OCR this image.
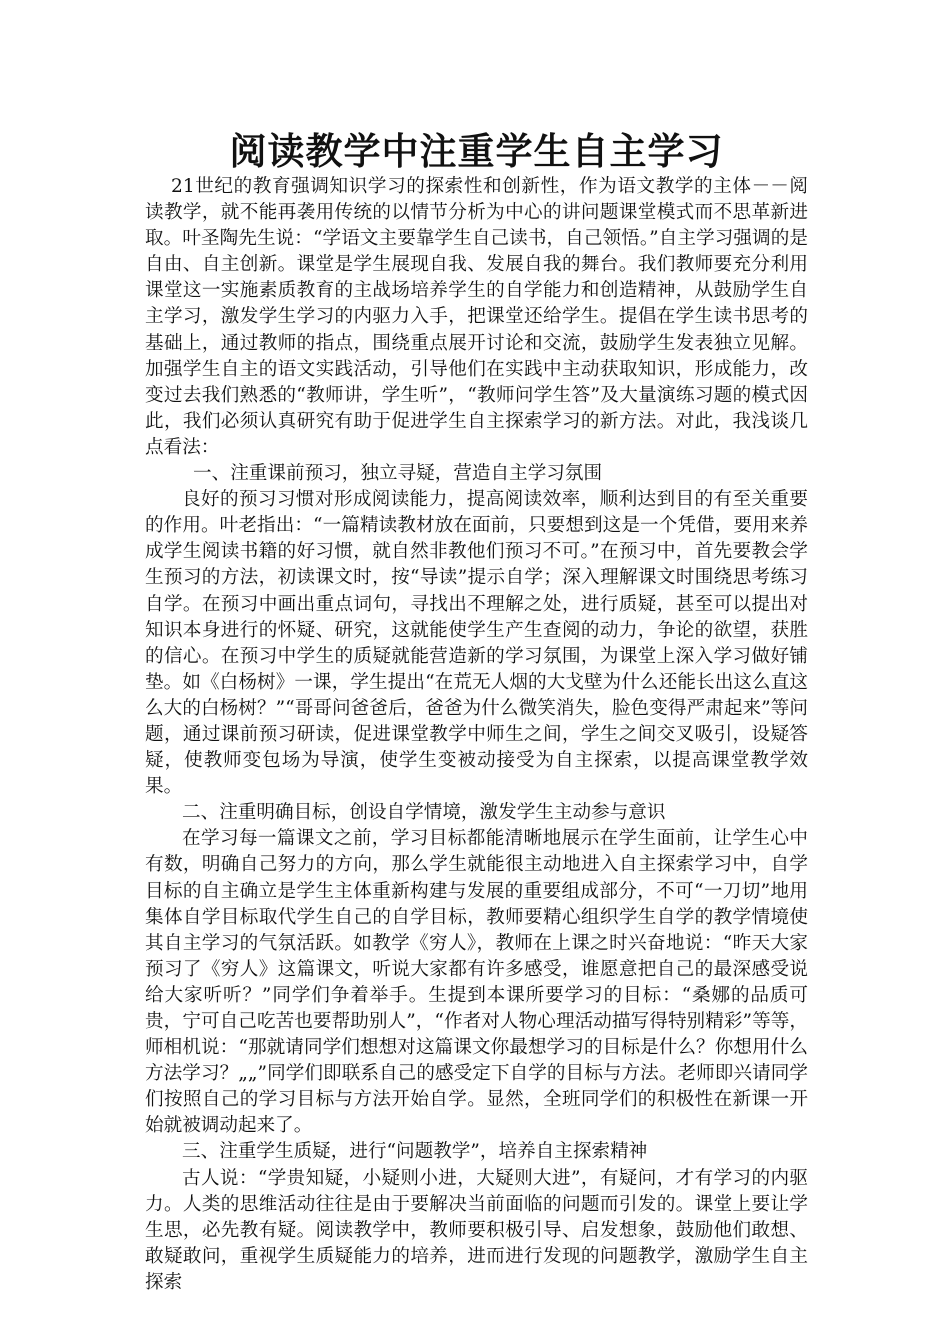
阅读教学中注重学生自主学习

21世纪的教育强调知识学习的探索性和创新性，作为语文教学的主体－－阅读教学，就不能再袭用传统的以情节分析为中心的讲问题课堂模式而不思革新进取。叶圣陶先生说：“学语文主要靠学生自己读书，自己领悟。”自主学习强调的是自由、自主创新。课堂是学生展现自我、发展自我的舞台。我们教师要充分利用课堂这一实施素质教育的主战场培养学生的自学能力和创造精神，从鼓励学生自主学习，激发学生学习的内驱力入手，把课堂还给学生。提倡在学生读书思考的基础上，通过教师的指点，围绕重点展开讨论和交流，鼓励学生发表独立见解。加强学生自主的语文实践活动，引导他们在实践中主动获取知识，形成能力，改变过去我们熟悉的“教师讲，学生听”，“教师问学生答”及大量演练习题的模式因此，我们必须认真研究有助于促进学生自主探索学习的新方法。对此，我浅谈几点看法：

一、注重课前预习，独立寻疑，营造自主学习氛围

良好的预习习惯对形成阅读能力，提高阅读效率，顺利达到目的有至关重要的作用。叶老指出：“一篇精读教材放在面前，只要想到这是一个凭借，要用来养成学生阅读书籍的好习惯，就自然非教他们预习不可。”在预习中，首先要教会学生预习的方法，初读课文时，按“导读”提示自学；深入理解课文时围绕思考练习自学。在预习中画出重点词句，寻找出不理解之处，进行质疑，甚至可以提出对知识本身进行的怀疑、研究，这就能使学生产生查阅的动力，争论的欲望，获胜的信心。在预习中学生的质疑就能营造新的学习氛围，为课堂上深入学习做好铺垫。如《白杨树》一课，学生提出“在荒无人烟的大戈壁为什么还能长出这么直这么大的白杨树？”“哥哥问爸爸后，爸爸为什么微笑消失，脸色变得严肃起来”等问题，通过课前预习研读，促进课堂教学中师生之间，学生之间交叉吸引，设疑答疑，使教师变包场为导演，使学生变被动接受为自主探索，以提高课堂教学效果。

二、注重明确目标，创设自学情境，激发学生主动参与意识

在学习每一篇课文之前，学习目标都能清晰地展示在学生面前，让学生心中有数，明确自己努力的方向，那么学生就能很主动地进入自主探索学习中，自学目标的自主确立是学生主体重新构建与发展的重要组成部分，不可“一刀切”地用集体自学目标取代学生自己的自学目标，教师要精心组织学生自学的教学情境使其自主学习的气氛活跃。如教学《穷人》，教师在上课之时兴奋地说：“昨天大家预习了《穷人》这篇课文，听说大家都有许多感受，谁愿意把自己的最深感受说给大家听听？”同学们争着举手。生提到本课所要学习的目标：“桑娜的品质可贵，宁可自己吃苦也要帮助别人”，“作者对人物心理活动描写得特别精彩”等等，师相机说：“那就请同学们想想对这篇课文你最想学习的目标是什么？你想用什么方法学习？„„”同学们即联系自己的感受定下自学的目标与方法。老师即兴请同学们按照自己的学习目标与方法开始自学。显然，全班同学们的积极性在新课一开始就被调动起来了。

三、注重学生质疑，进行“问题教学”，培养自主探索精神

古人说：“学贵知疑，小疑则小进，大疑则大进”，有疑问，才有学习的内驱力。人类的思维活动往往是由于要解决当前面临的问题而引发的。课堂上要让学生思，必先教有疑。阅读教学中，教师要积极引导、启发想象，鼓励他们敢想、敢疑敢问，重视学生质疑能力的培养，进而进行发现的问题教学，激励学生自主探索
